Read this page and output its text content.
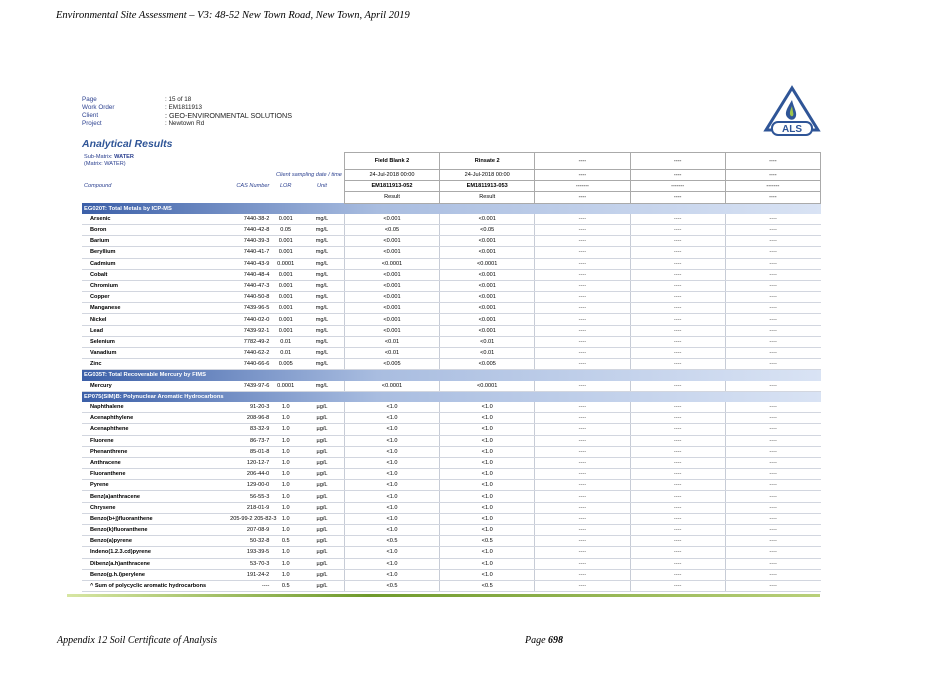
Environmental Site Assessment – V3: 48-52 New Town Road, New Town, April 2019
Page	: 15 of 18
Work Order	: EM1811913
Client	: GEO-ENVIRONMENTAL SOLUTIONS
Project	: Newtown Rd
ALS
Analytical Results
Sub-Matrix: WATER
(Matrix: WATER)				Field Blank 2	Rinsate 2	----	----	----
Client sampling date / time				24-Jul-2018 00:00	24-Jul-2018 00:00	----	----	----
Compound	CAS Number	LOR	Unit	EM1811913-052	EM1811913-053	-------	-------	-------
				Result	Result	----	----	----
EG020T: Total Metals by ICP-MS								
Arsenic	7440-38-2	0.001	mg/L	<0.001	<0.001	----	----	----
Boron	7440-42-8	0.05	mg/L	<0.05	<0.05	----	----	----
Barium	7440-39-3	0.001	mg/L	<0.001	<0.001	----	----	----
Beryllium	7440-41-7	0.001	mg/L	<0.001	<0.001	----	----	----
Cadmium	7440-43-9	0.0001	mg/L	<0.0001	<0.0001	----	----	----
Cobalt	7440-48-4	0.001	mg/L	<0.001	<0.001	----	----	----
Chromium	7440-47-3	0.001	mg/L	<0.001	<0.001	----	----	----
Copper	7440-50-8	0.001	mg/L	<0.001	<0.001	----	----	----
Manganese	7439-96-5	0.001	mg/L	<0.001	<0.001	----	----	----
Nickel	7440-02-0	0.001	mg/L	<0.001	<0.001	----	----	----
Lead	7439-92-1	0.001	mg/L	<0.001	<0.001	----	----	----
Selenium	7782-49-2	0.01	mg/L	<0.01	<0.01	----	----	----
Vanadium	7440-62-2	0.01	mg/L	<0.01	<0.01	----	----	----
Zinc	7440-66-6	0.005	mg/L	<0.005	<0.005	----	----	----
EG035T: Total Recoverable Mercury by FIMS								
Mercury	7439-97-6	0.0001	mg/L	<0.0001	<0.0001	----	----	----
EP075(SIM)B: Polynuclear Aromatic Hydrocarbons								
Naphthalene	91-20-3	1.0	µg/L	<1.0	<1.0	----	----	----
Acenaphthylene	208-96-8	1.0	µg/L	<1.0	<1.0	----	----	----
Acenaphthene	83-32-9	1.0	µg/L	<1.0	<1.0	----	----	----
Fluorene	86-73-7	1.0	µg/L	<1.0	<1.0	----	----	----
Phenanthrene	85-01-8	1.0	µg/L	<1.0	<1.0	----	----	----
Anthracene	120-12-7	1.0	µg/L	<1.0	<1.0	----	----	----
Fluoranthene	206-44-0	1.0	µg/L	<1.0	<1.0	----	----	----
Pyrene	129-00-0	1.0	µg/L	<1.0	<1.0	----	----	----
Benz(a)anthracene	56-55-3	1.0	µg/L	<1.0	<1.0	----	----	----
Chrysene	218-01-9	1.0	µg/L	<1.0	<1.0	----	----	----
Benzo(b+j)fluoranthene	205-99-2 205-82-3	1.0	µg/L	<1.0	<1.0	----	----	----
Benzo(k)fluoranthene	207-08-9	1.0	µg/L	<1.0	<1.0	----	----	----
Benzo(a)pyrene	50-32-8	0.5	µg/L	<0.5	<0.5	----	----	----
Indeno(1.2.3.cd)pyrene	193-39-5	1.0	µg/L	<1.0	<1.0	----	----	----
Dibenz(a.h)anthracene	53-70-3	1.0	µg/L	<1.0	<1.0	----	----	----
Benzo(g.h.i)perylene	191-24-2	1.0	µg/L	<1.0	<1.0	----	----	----
^ Sum of polycyclic aromatic hydrocarbons	----	0.5	µg/L	<0.5	<0.5	----	----	----
Appendix 12 Soil Certificate of Analysis	Page 698
